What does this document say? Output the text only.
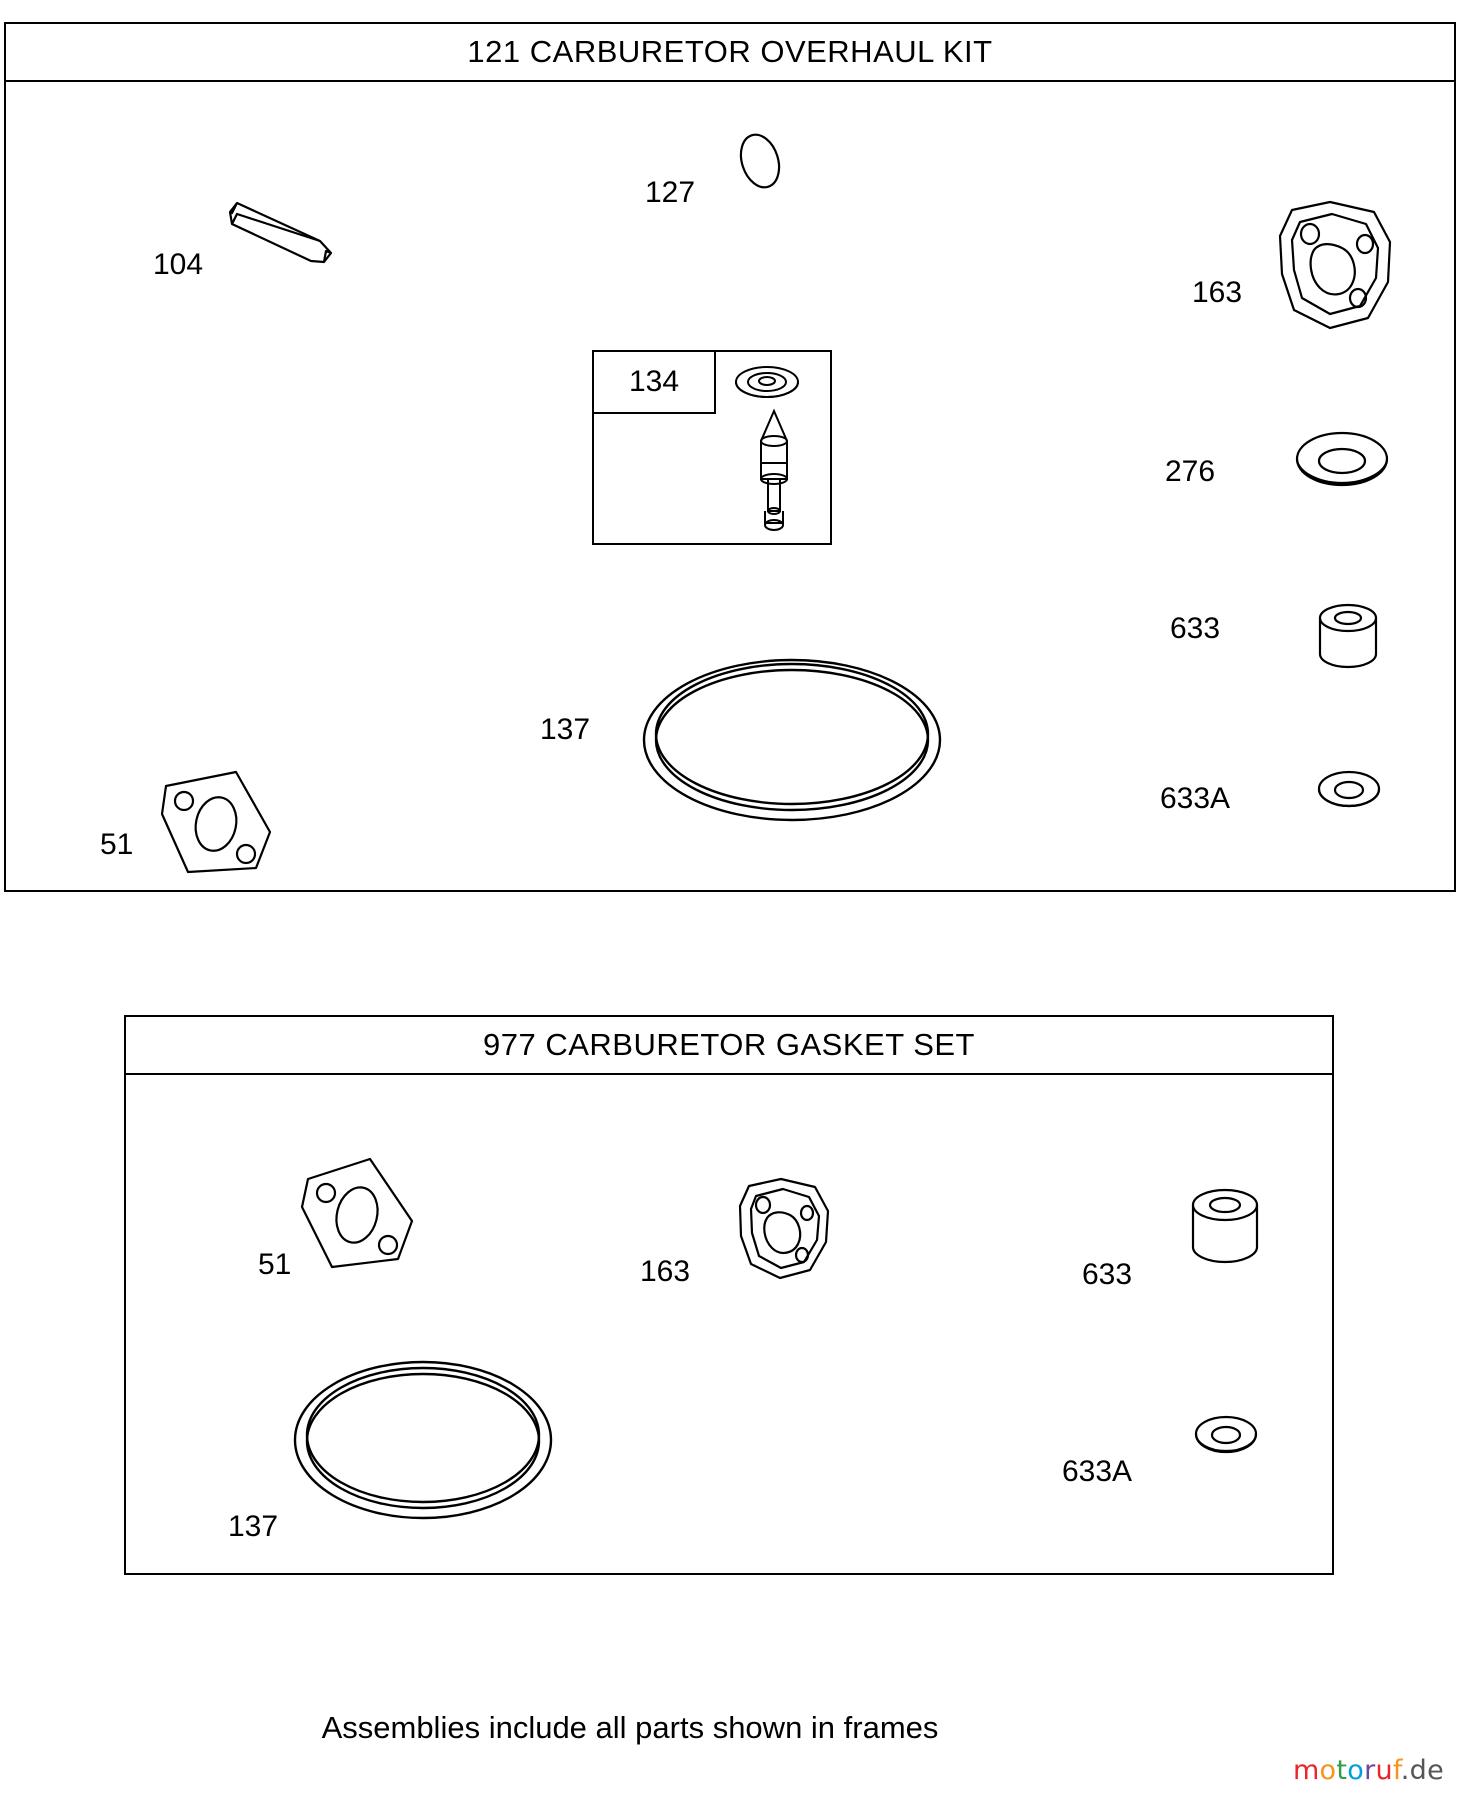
121 CARBURETOR OVERHAUL KIT
104
127
163
276
633
633A
137
51
134
977 CARBURETOR GASKET SET
51	163	633
137
633A
Assemblies include all parts shown in frames
motoruf.de
